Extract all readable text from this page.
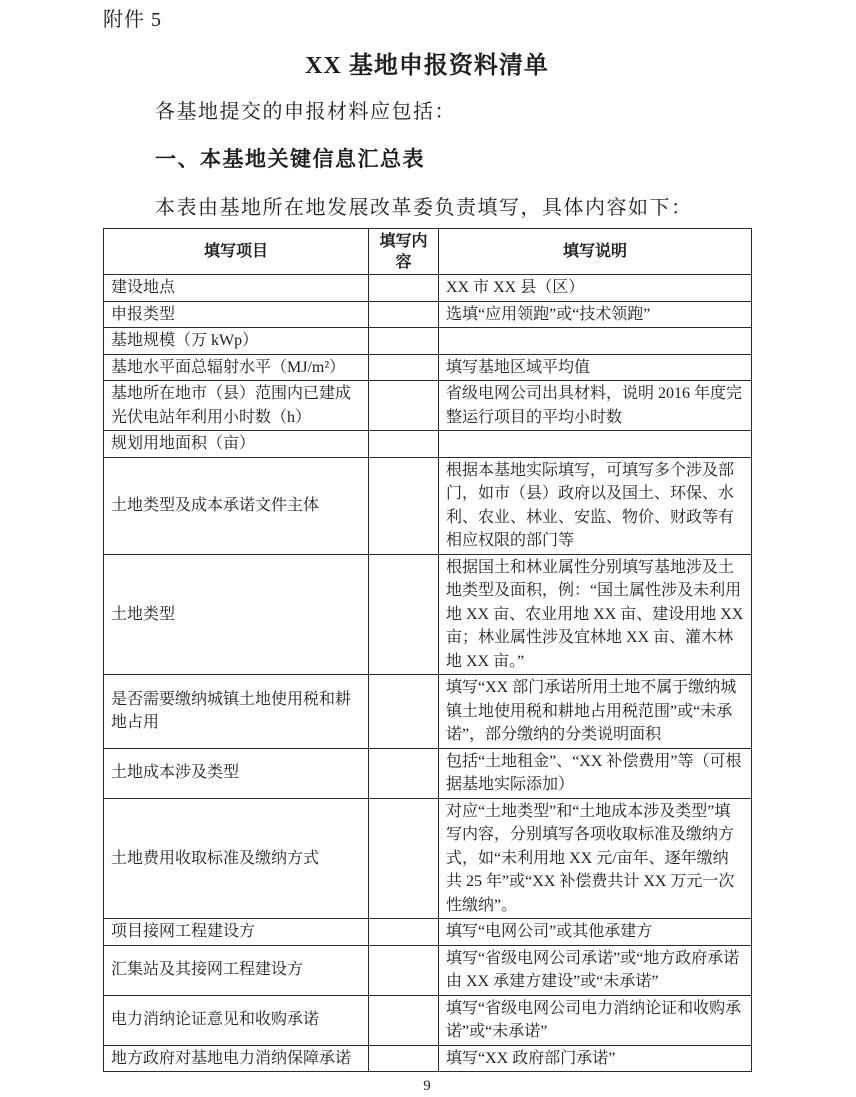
附件 5
XX 基地申报资料清单
各基地提交的申报材料应包括：
一、本基地关键信息汇总表
本表由基地所在地发展改革委负责填写，具体内容如下：
填写项目	填写内容	填写说明
建设地点		XX 市 XX 县（区）
申报类型		选填“应用领跑”或“技术领跑”
基地规模（万 kWp）		
基地水平面总辐射水平（MJ/m²）		填写基地区域平均值
基地所在地市（县）范围内已建成光伏电站年利用小时数（h）		省级电网公司出具材料，说明 2016 年度完整运行项目的平均小时数
规划用地面积（亩）		
土地类型及成本承诺文件主体		根据本基地实际填写，可填写多个涉及部门，如市（县）政府以及国土、环保、水利、农业、林业、安监、物价、财政等有相应权限的部门等
土地类型		根据国土和林业属性分别填写基地涉及土地类型及面积，例：“国土属性涉及未利用地 XX 亩、农业用地 XX 亩、建设用地 XX 亩；林业属性涉及宜林地 XX 亩、灌木林地 XX 亩。”
是否需要缴纳城镇土地使用税和耕地占用		填写“XX 部门承诺所用土地不属于缴纳城镇土地使用税和耕地占用税范围”或“未承诺”，部分缴纳的分类说明面积
土地成本涉及类型		包括“土地租金”、“XX 补偿费用”等（可根据基地实际添加）
土地费用收取标准及缴纳方式		对应“土地类型”和“土地成本涉及类型”填写内容，分别填写各项收取标准及缴纳方式，如“未利用地 XX 元/亩年、逐年缴纳共 25 年”或“XX 补偿费共计 XX 万元一次性缴纳”。
项目接网工程建设方		填写“电网公司”或其他承建方
汇集站及其接网工程建设方		填写“省级电网公司承诺”或“地方政府承诺由 XX 承建方建设”或“未承诺”
电力消纳论证意见和收购承诺		填写“省级电网公司电力消纳论证和收购承诺”或“未承诺”
地方政府对基地电力消纳保障承诺		填写“XX 政府部门承诺”
9
